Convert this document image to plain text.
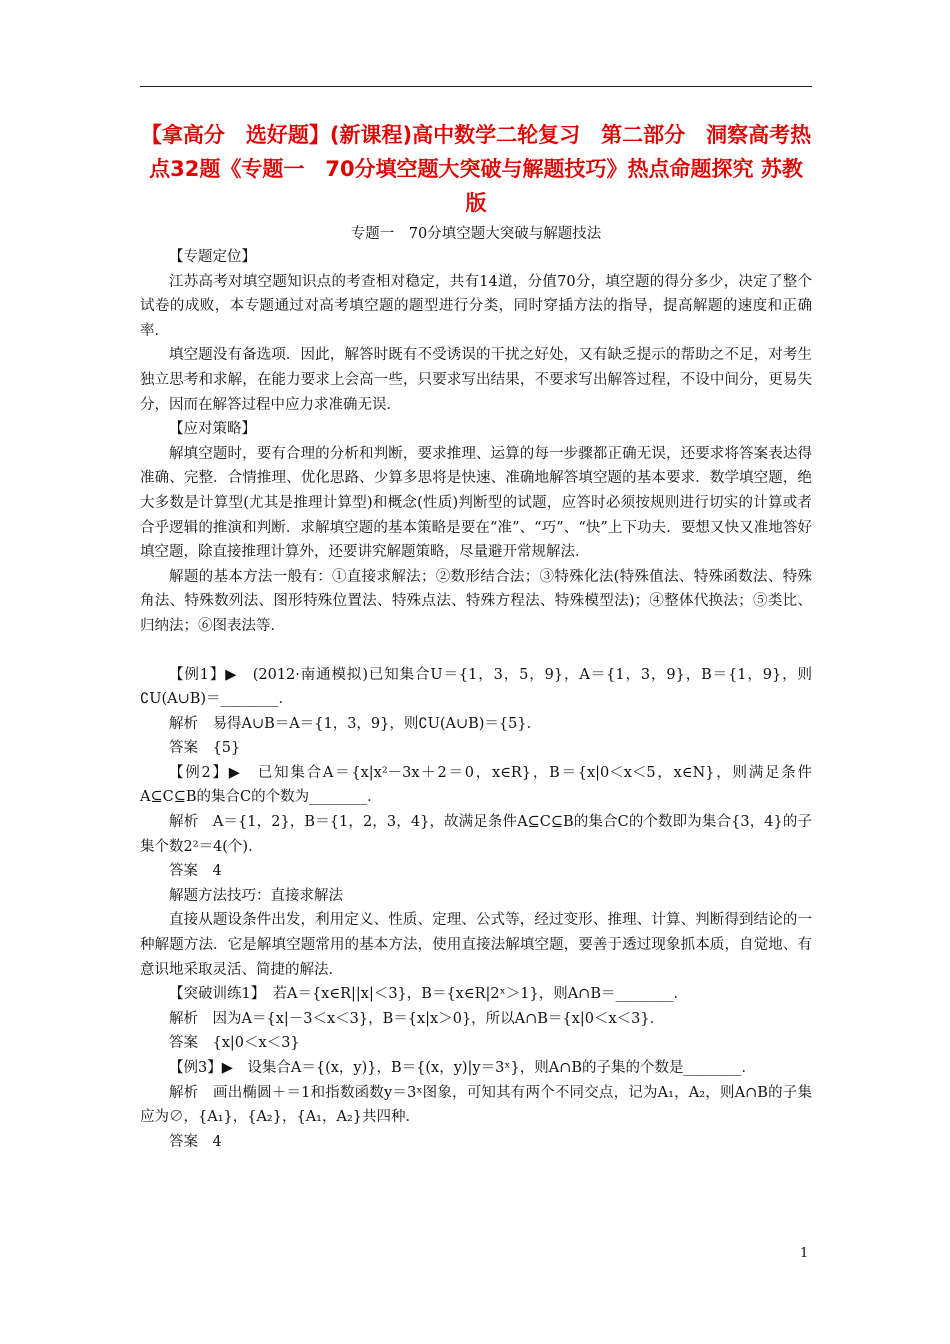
【拿高分　选好题】(新课程)高中数学二轮复习　第二部分　洞察高考热点32题《专题一　70分填空题大突破与解题技巧》热点命题探究 苏教版
专题一　70分填空题大突破与解题技法

【专题定位】

江苏高考对填空题知识点的考查相对稳定，共有14道，分值70分，填空题的得分多少，决定了整个试卷的成败，本专题通过对高考填空题的题型进行分类，同时穿插方法的指导，提高解题的速度和正确率．

填空题没有备选项．因此，解答时既有不受诱误的干扰之好处，又有缺乏提示的帮助之不足，对考生独立思考和求解，在能力要求上会高一些，只要求写出结果，不要求写出解答过程，不设中间分，更易失分，因而在解答过程中应力求准确无误．

【应对策略】

解填空题时，要有合理的分析和判断，要求推理、运算的每一步骤都正确无误，还要求将答案表达得准确、完整．合情推理、优化思路、少算多思将是快速、准确地解答填空题的基本要求．数学填空题，绝大多数是计算型(尤其是推理计算型)和概念(性质)判断型的试题，应答时必须按规则进行切实的计算或者合乎逻辑的推演和判断．求解填空题的基本策略是要在“准”、“巧”、“快”上下功夫．要想又快又准地答好填空题，除直接推理计算外，还要讲究解题策略，尽量避开常规解法．

解题的基本方法一般有：①直接求解法；②数形结合法；③特殊化法(特殊值法、特殊函数法、特殊角法、特殊数列法、图形特殊位置法、特殊点法、特殊方程法、特殊模型法)；④整体代换法；⑤类比、归纳法；⑥图表法等．

【例1】▶　(2012·南通模拟)已知集合U＝{1，3，5，9}，A＝{1，3，9}，B＝{1，9}，则∁U(A∪B)＝________．

解析　易得A∪B＝A＝{1，3，9}，则∁U(A∪B)＝{5}．

答案　{5}

【例2】▶　已知集合A＝{x|x²－3x＋2＝0，x∈R}，B＝{x|0＜x＜5，x∈N}，则满足条件A⊆C⊆B的集合C的个数为________．

解析　A＝{1，2}，B＝{1，2，3，4}，故满足条件A⊆C⊆B的集合C的个数即为集合{3，4}的子集个数2²＝4(个)．

答案　4

解题方法技巧：直接求解法

直接从题设条件出发，利用定义、性质、定理、公式等，经过变形、推理、计算、判断得到结论的一种解题方法．它是解填空题常用的基本方法，使用直接法解填空题，要善于透过现象抓本质，自觉地、有意识地采取灵活、简捷的解法．

【突破训练1】　若A＝{x∈R||x|＜3}，B＝{x∈R|2ˣ＞1}，则A∩B＝________．

解析　因为A＝{x|－3＜x＜3}，B＝{x|x＞0}，所以A∩B＝{x|0＜x＜3}．

答案　{x|0＜x＜3}

【例3】▶　设集合A＝{(x，y)}，B＝{(x，y)|y＝3ˣ}，则A∩B的子集的个数是________．

解析　画出椭圆＋＝1和指数函数y＝3ˣ图象，可知其有两个不同交点，记为A₁，A₂，则A∩B的子集应为∅，{A₁}，{A₂}，{A₁，A₂}共四种．

答案　4

1
